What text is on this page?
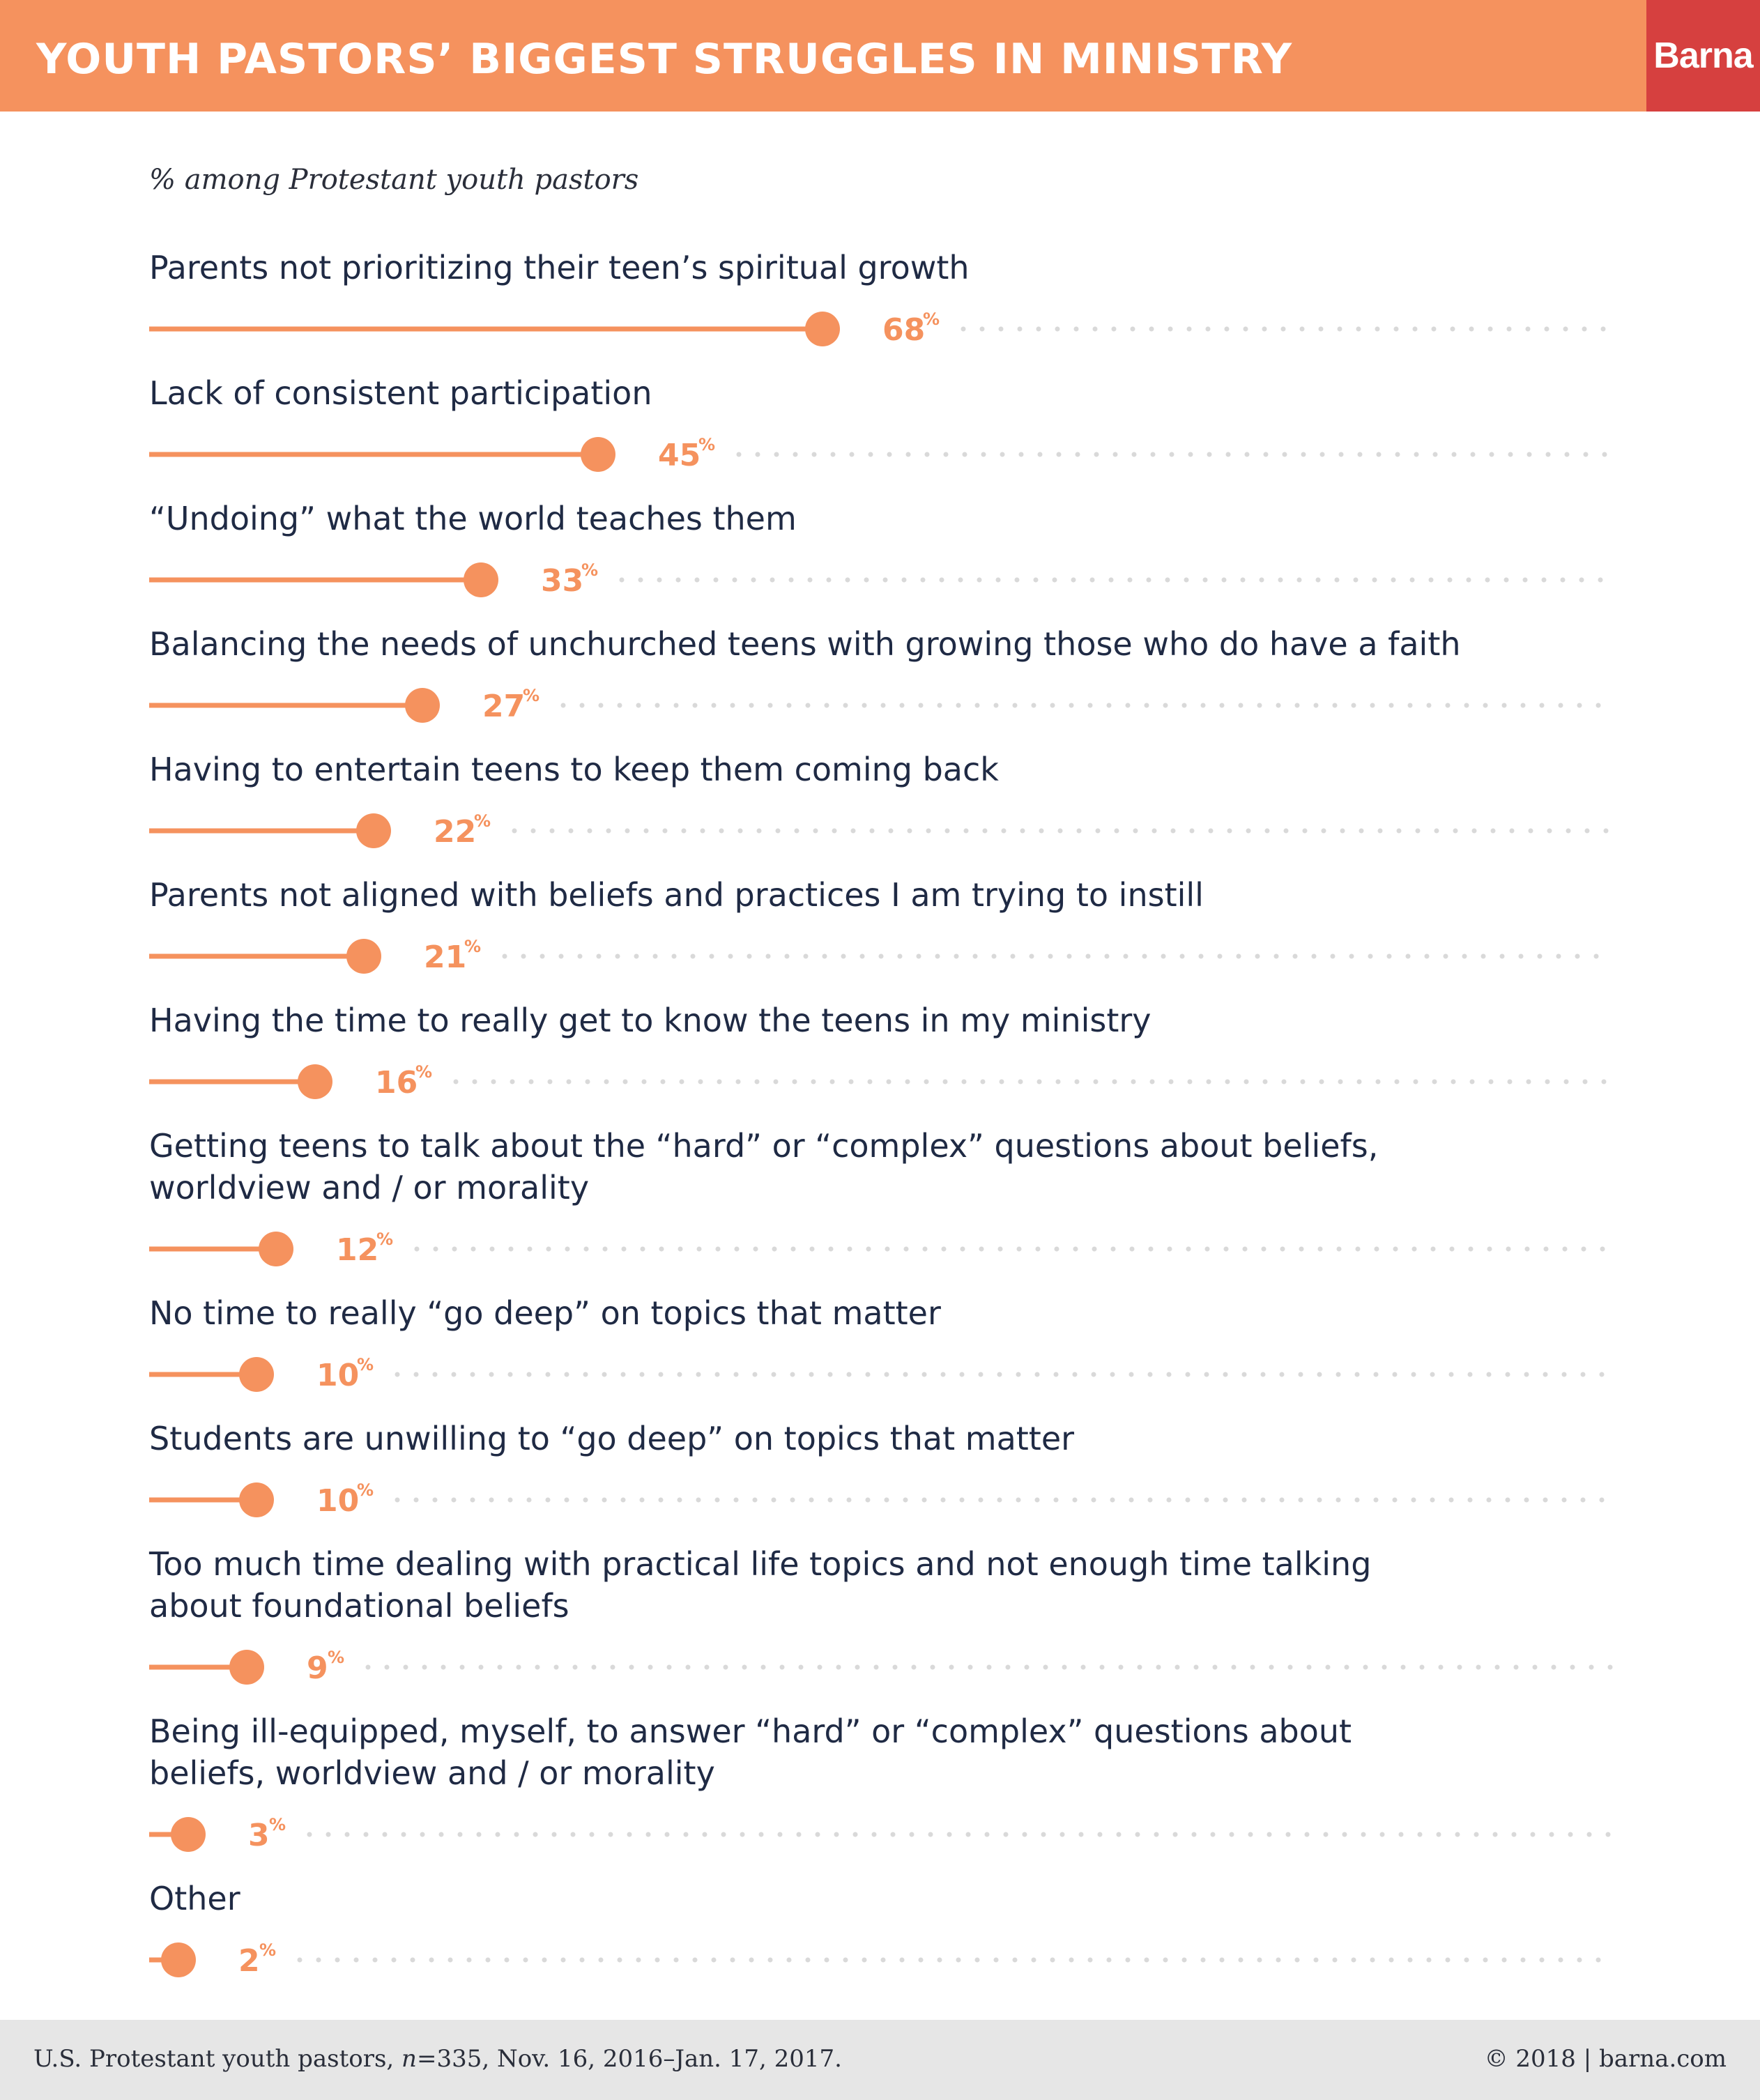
YOUTH PASTORS’ BIGGEST STRUGGLES IN MINISTRY	Barna
% among Protestant youth pastors
Parents not prioritizing their teen’s spiritual growth
68
%
Lack of consistent participation
45
%
“Undoing” what the world teaches them
33
%
Balancing the needs of unchurched teens with growing those who do have a faith
27
%
Having to entertain teens to keep them coming back
22
%
Parents not aligned with beliefs and practices I am trying to instill
21
%
Having the time to really get to know the teens in my ministry
16
%
Getting teens to talk about the “hard” or “complex” questions about beliefs,
worldview and / or morality
12
%
No time to really “go deep” on topics that matter
10
%
Students are unwilling to “go deep” on topics that matter
10
%
Too much time dealing with practical life topics and not enough time talking
about foundational beliefs
9 %
Being ill-equipped, myself, to answer “hard” or “complex” questions about
beliefs, worldview and / or morality
3 %
Other
2 %
U.S. Protestant youth pastors, n=335, Nov. 16, 2016–Jan. 17, 2017.	© 2018 | barna.com
